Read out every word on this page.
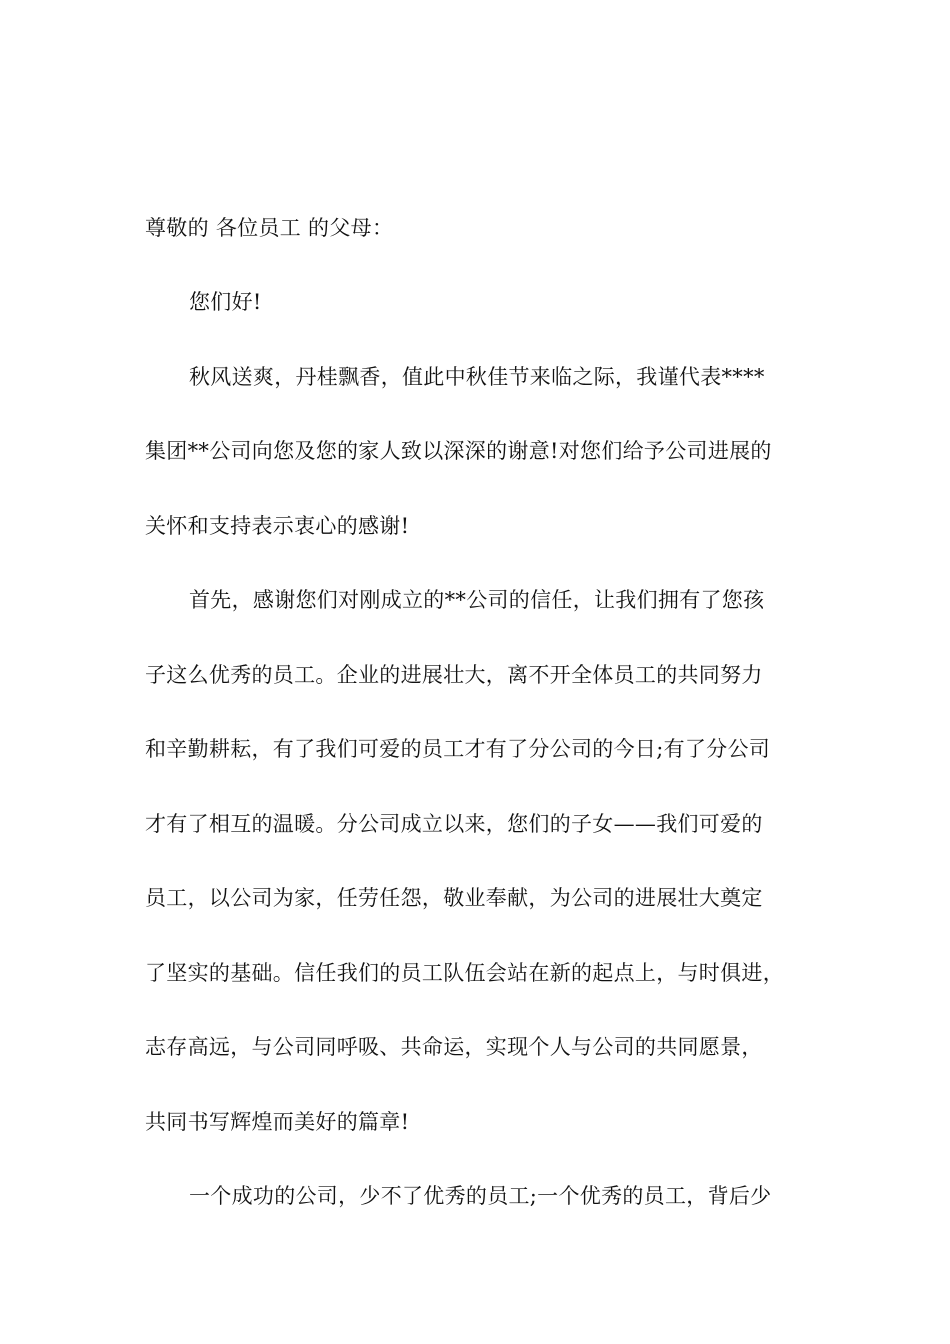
尊敬的 各位员工 的父母：
您们好!
秋风送爽，丹桂飘香，值此中秋佳节来临之际，我谨代表****
集团**公司向您及您的家人致以深深的谢意!对您们给予公司进展的
关怀和支持表示衷心的感谢!
首先，感谢您们对刚成立的**公司的信任，让我们拥有了您孩
子这么优秀的员工。企业的进展壮大，离不开全体员工的共同努力
和辛勤耕耘，有了我们可爱的员工才有了分公司的今日;有了分公司
才有了相互的温暖。分公司成立以来，您们的子女——我们可爱的
员工，以公司为家，任劳任怨，敬业奉献，为公司的进展壮大奠定
了坚实的基础。信任我们的员工队伍会站在新的起点上，与时俱进，
志存高远，与公司同呼吸、共命运，实现个人与公司的共同愿景，
共同书写辉煌而美好的篇章!
一个成功的公司，少不了优秀的员工;一个优秀的员工，背后少
